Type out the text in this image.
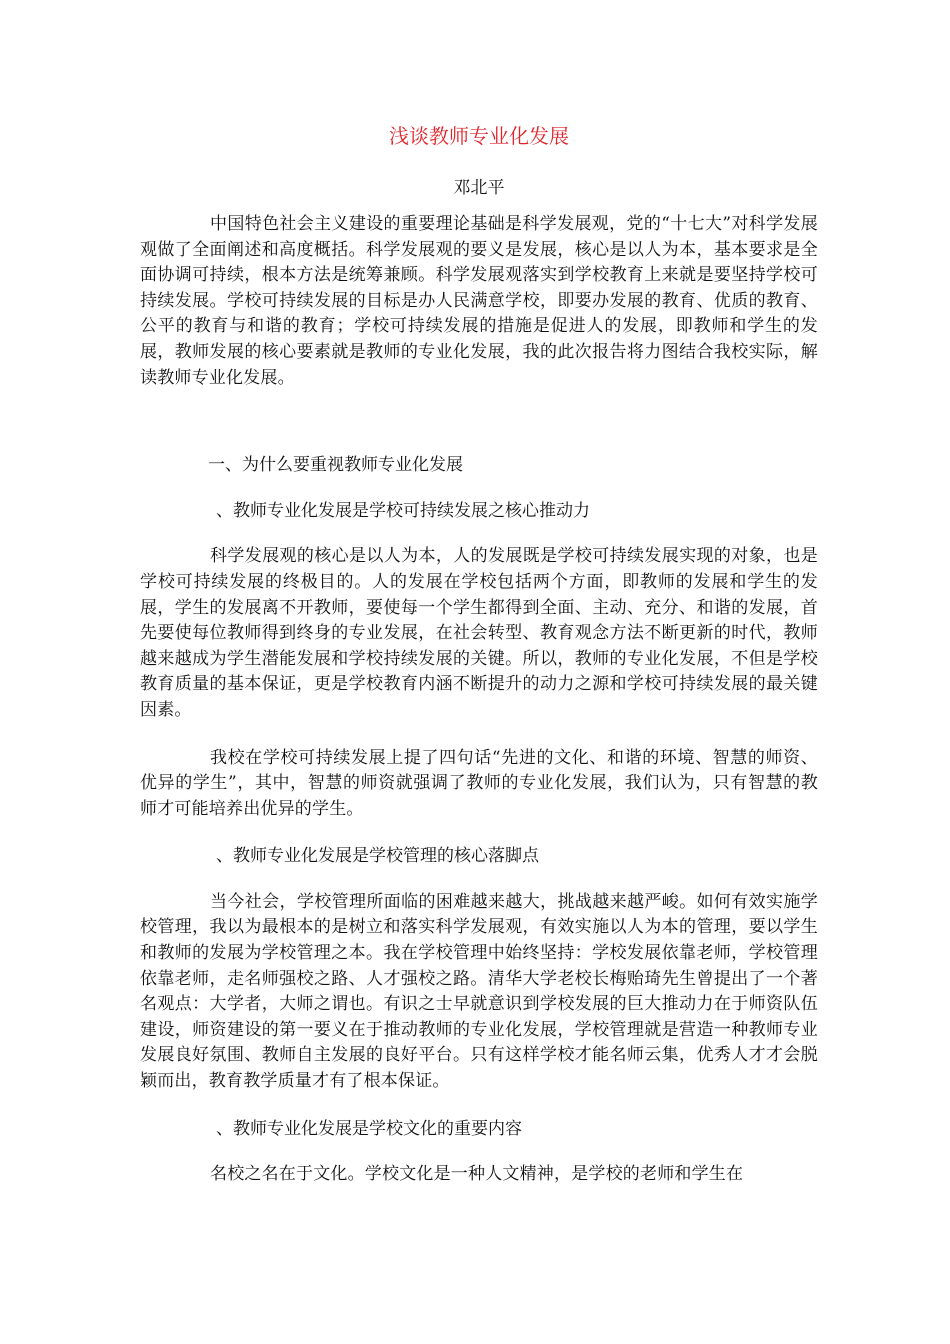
浅谈教师专业化发展
邓北平

中国特色社会主义建设的重要理论基础是科学发展观，党的“十七大”对科学发展观做了全面阐述和高度概括。科学发展观的要义是发展，核心是以人为本，基本要求是全面协调可持续，根本方法是统筹兼顾。科学发展观落实到学校教育上来就是要坚持学校可持续发展。学校可持续发展的目标是办人民满意学校，即要办发展的教育、优质的教育、公平的教育与和谐的教育；学校可持续发展的措施是促进人的发展，即教师和学生的发展，教师发展的核心要素就是教师的专业化发展，我的此次报告将力图结合我校实际，解读教师专业化发展。

一、为什么要重视教师专业化发展
、教师专业化发展是学校可持续发展之核心推动力

科学发展观的核心是以人为本，人的发展既是学校可持续发展实现的对象，也是学校可持续发展的终极目的。人的发展在学校包括两个方面，即教师的发展和学生的发展，学生的发展离不开教师，要使每一个学生都得到全面、主动、充分、和谐的发展，首先要使每位教师得到终身的专业发展，在社会转型、教育观念方法不断更新的时代，教师越来越成为学生潜能发展和学校持续发展的关键。所以，教师的专业化发展，不但是学校教育质量的基本保证，更是学校教育内涵不断提升的动力之源和学校可持续发展的最关键因素。

我校在学校可持续发展上提了四句话“先进的文化、和谐的环境、智慧的师资、优异的学生”，其中，智慧的师资就强调了教师的专业化发展，我们认为，只有智慧的教师才可能培养出优异的学生。

、教师专业化发展是学校管理的核心落脚点

当今社会，学校管理所面临的困难越来越大，挑战越来越严峻。如何有效实施学校管理，我以为最根本的是树立和落实科学发展观，有效实施以人为本的管理，要以学生和教师的发展为学校管理之本。我在学校管理中始终坚持：学校发展依靠老师，学校管理依靠老师，走名师强校之路、人才强校之路。清华大学老校长梅贻琦先生曾提出了一个著名观点：大学者，大师之谓也。有识之士早就意识到学校发展的巨大推动力在于师资队伍建设，师资建设的第一要义在于推动教师的专业化发展，学校管理就是营造一种教师专业发展良好氛围、教师自主发展的良好平台。只有这样学校才能名师云集，优秀人才才会脱颖而出，教育教学质量才有了根本保证。

、教师专业化发展是学校文化的重要内容

名校之名在于文化。学校文化是一种人文精神，是学校的老师和学生在
